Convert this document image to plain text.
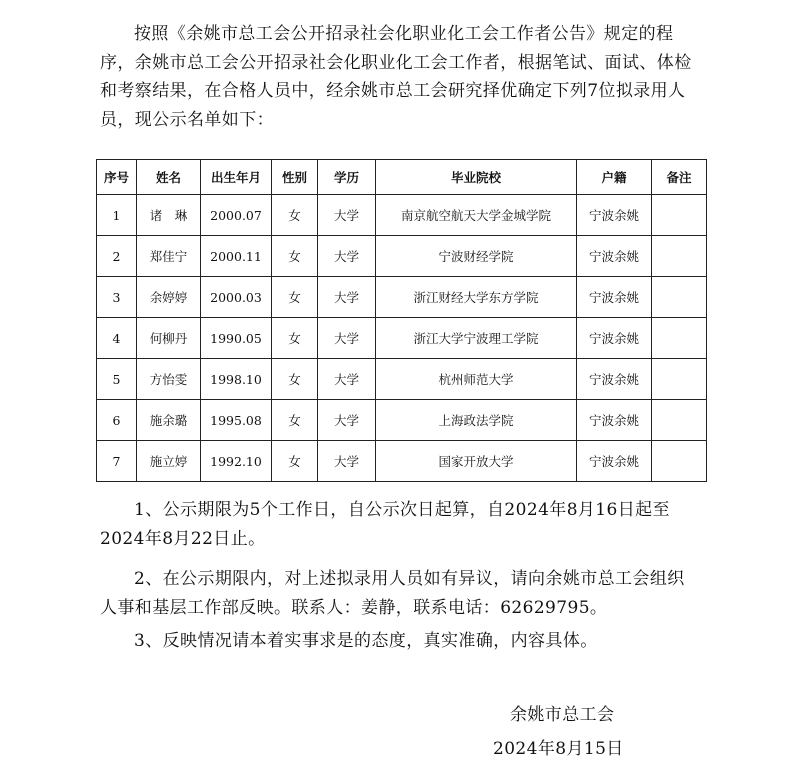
按照《余姚市总工会公开招录社会化职业化工会工作者公告》规定的程序，余姚市总工会公开招录社会化职业化工会工作者，根据笔试、面试、体检和考察结果，在合格人员中，经余姚市总工会研究择优确定下列7位拟录用人员，现公示名单如下：

序号	姓名	出生年月	性别	学历	毕业院校	户籍	备注
1	诸　琳	2000.07	女	大学	南京航空航天大学金城学院	宁波余姚	
2	郑佳宁	2000.11	女	大学	宁波财经学院	宁波余姚	
3	余婷婷	2000.03	女	大学	浙江财经大学东方学院	宁波余姚	
4	何柳丹	1990.05	女	大学	浙江大学宁波理工学院	宁波余姚	
5	方怡雯	1998.10	女	大学	杭州师范大学	宁波余姚	
6	施余璐	1995.08	女	大学	上海政法学院	宁波余姚	
7	施立婷	1992.10	女	大学	国家开放大学	宁波余姚	

1、公示期限为5个工作日，自公示次日起算，自2024年8月16日起至2024年8月22日止。

2、在公示期限内，对上述拟录用人员如有异议，请向余姚市总工会组织人事和基层工作部反映。联系人：姜静，联系电话：62629795。

3、反映情况请本着实事求是的态度，真实准确，内容具体。

余姚市总工会
2024年8月15日
